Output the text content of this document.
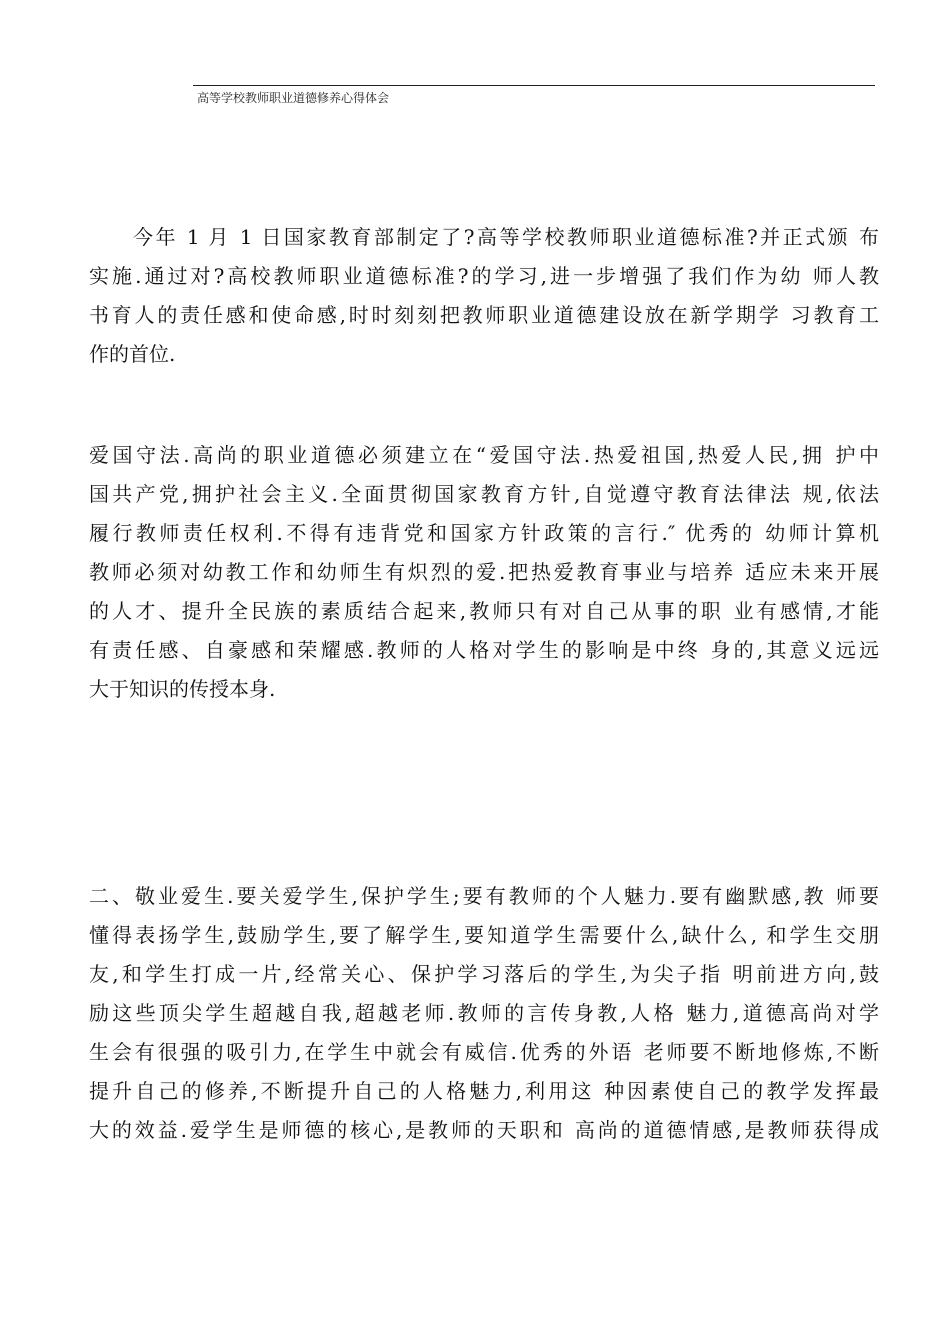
高等学校教师职业道德修养心得体会
今年 1 月 1 日国家教育部制定了?高等学校教师职业道德标准?并正式颁 布
实施.通过对?高校教师职业道德标准?的学习,进一步增强了我们作为幼 师人教
书育人的责任感和使命感,时时刻刻把教师职业道德建设放在新学期学 习教育工
作的首位.
爱国守法.高尚的职业道德必须建立在“爱国守法.热爱祖国,热爱人民,拥 护中
国共产党,拥护社会主义.全面贯彻国家教育方针,自觉遵守教育法律法 规,依法
履行教师责任权利.不得有违背党和国家方针政策的言行.″ 优秀的 幼师计算机
教师必须对幼教工作和幼师生有炽烈的爱.把热爱教育事业与培养 适应未来开展
的人才、提升全民族的素质结合起来,教师只有对自己从事的职 业有感情,才能
有责任感、自豪感和荣耀感.教师的人格对学生的影响是中终 身的,其意义远远
大于知识的传授本身.
二、敬业爱生.要关爱学生,保护学生;要有教师的个人魅力.要有幽默感,教 师要
懂得表扬学生,鼓励学生,要了解学生,要知道学生需要什么,缺什么, 和学生交朋
友,和学生打成一片,经常关心、保护学习落后的学生,为尖子指 明前进方向,鼓
励这些顶尖学生超越自我,超越老师.教师的言传身教,人格 魅力,道德高尚对学
生会有很强的吸引力,在学生中就会有威信.优秀的外语 老师要不断地修炼,不断
提升自己的修养,不断提升自己的人格魅力,利用这 种因素使自己的教学发挥最
大的效益.爱学生是师德的核心,是教师的天职和 高尚的道德情感,是教师获得成
